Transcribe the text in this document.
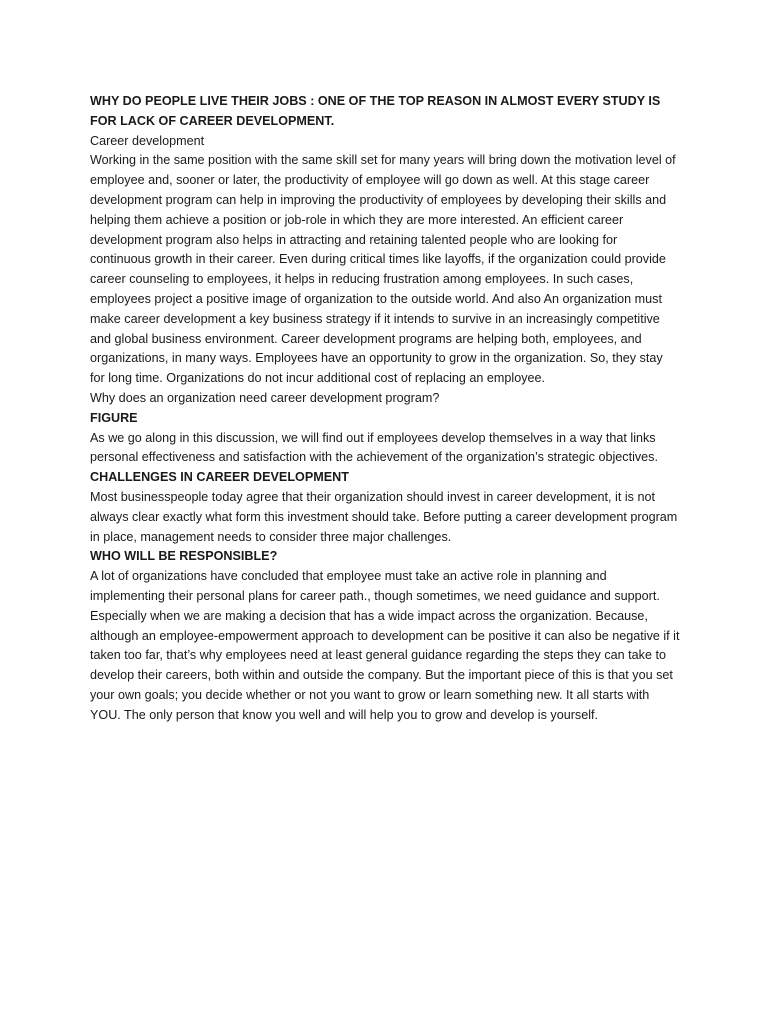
WHY DO PEOPLE LIVE THEIR JOBS : ONE OF THE TOP REASON IN ALMOST EVERY STUDY IS FOR LACK OF CAREER DEVELOPMENT.

Career development

Working in the same position with the same skill set for many years will bring down the motivation level of employee and, sooner or later, the productivity of employee will go down as well. At this stage career development program can help in improving the productivity of employees by developing their skills and helping them achieve a position or job-role in which they are more interested. An efficient career development program also helps in attracting and retaining talented people who are looking for continuous growth in their career. Even during critical times like layoffs, if the organization could provide career counseling to employees, it helps in reducing frustration among employees. In such cases, employees project a positive image of organization to the outside world. And also An organization must make career development a key business strategy if it intends to survive in an increasingly competitive and global business environment. Career development programs are helping both, employees, and organizations, in many ways. Employees have an opportunity to grow in the organization. So, they stay for long time. Organizations do not incur additional cost of replacing an employee.

Why does an organization need career development program?

FIGURE

As we go along in this discussion, we will find out if employees develop themselves in a way that links personal effectiveness and satisfaction with the achievement of the organization’s strategic objectives.

CHALLENGES IN CAREER DEVELOPMENT

Most businesspeople today agree that their organization should invest in career development, it is not always clear exactly what form this investment should take. Before putting a career development program in place, management needs to consider three major challenges.

WHO WILL BE RESPONSIBLE?

A lot of organizations have concluded that employee must take an active role in planning and implementing their personal plans for career path., though sometimes, we need guidance and support. Especially when we are making a decision that has a wide impact across the organization. Because, although an employee-empowerment approach to development can be positive it can also be negative if it taken too far, that’s why employees need at least general guidance regarding the steps they can take to develop their careers, both within and outside the company. But the important piece of this is that you set your own goals; you decide whether or not you want to grow or learn something new. It all starts with YOU. The only person that know you well and will help you to grow and develop is yourself.
